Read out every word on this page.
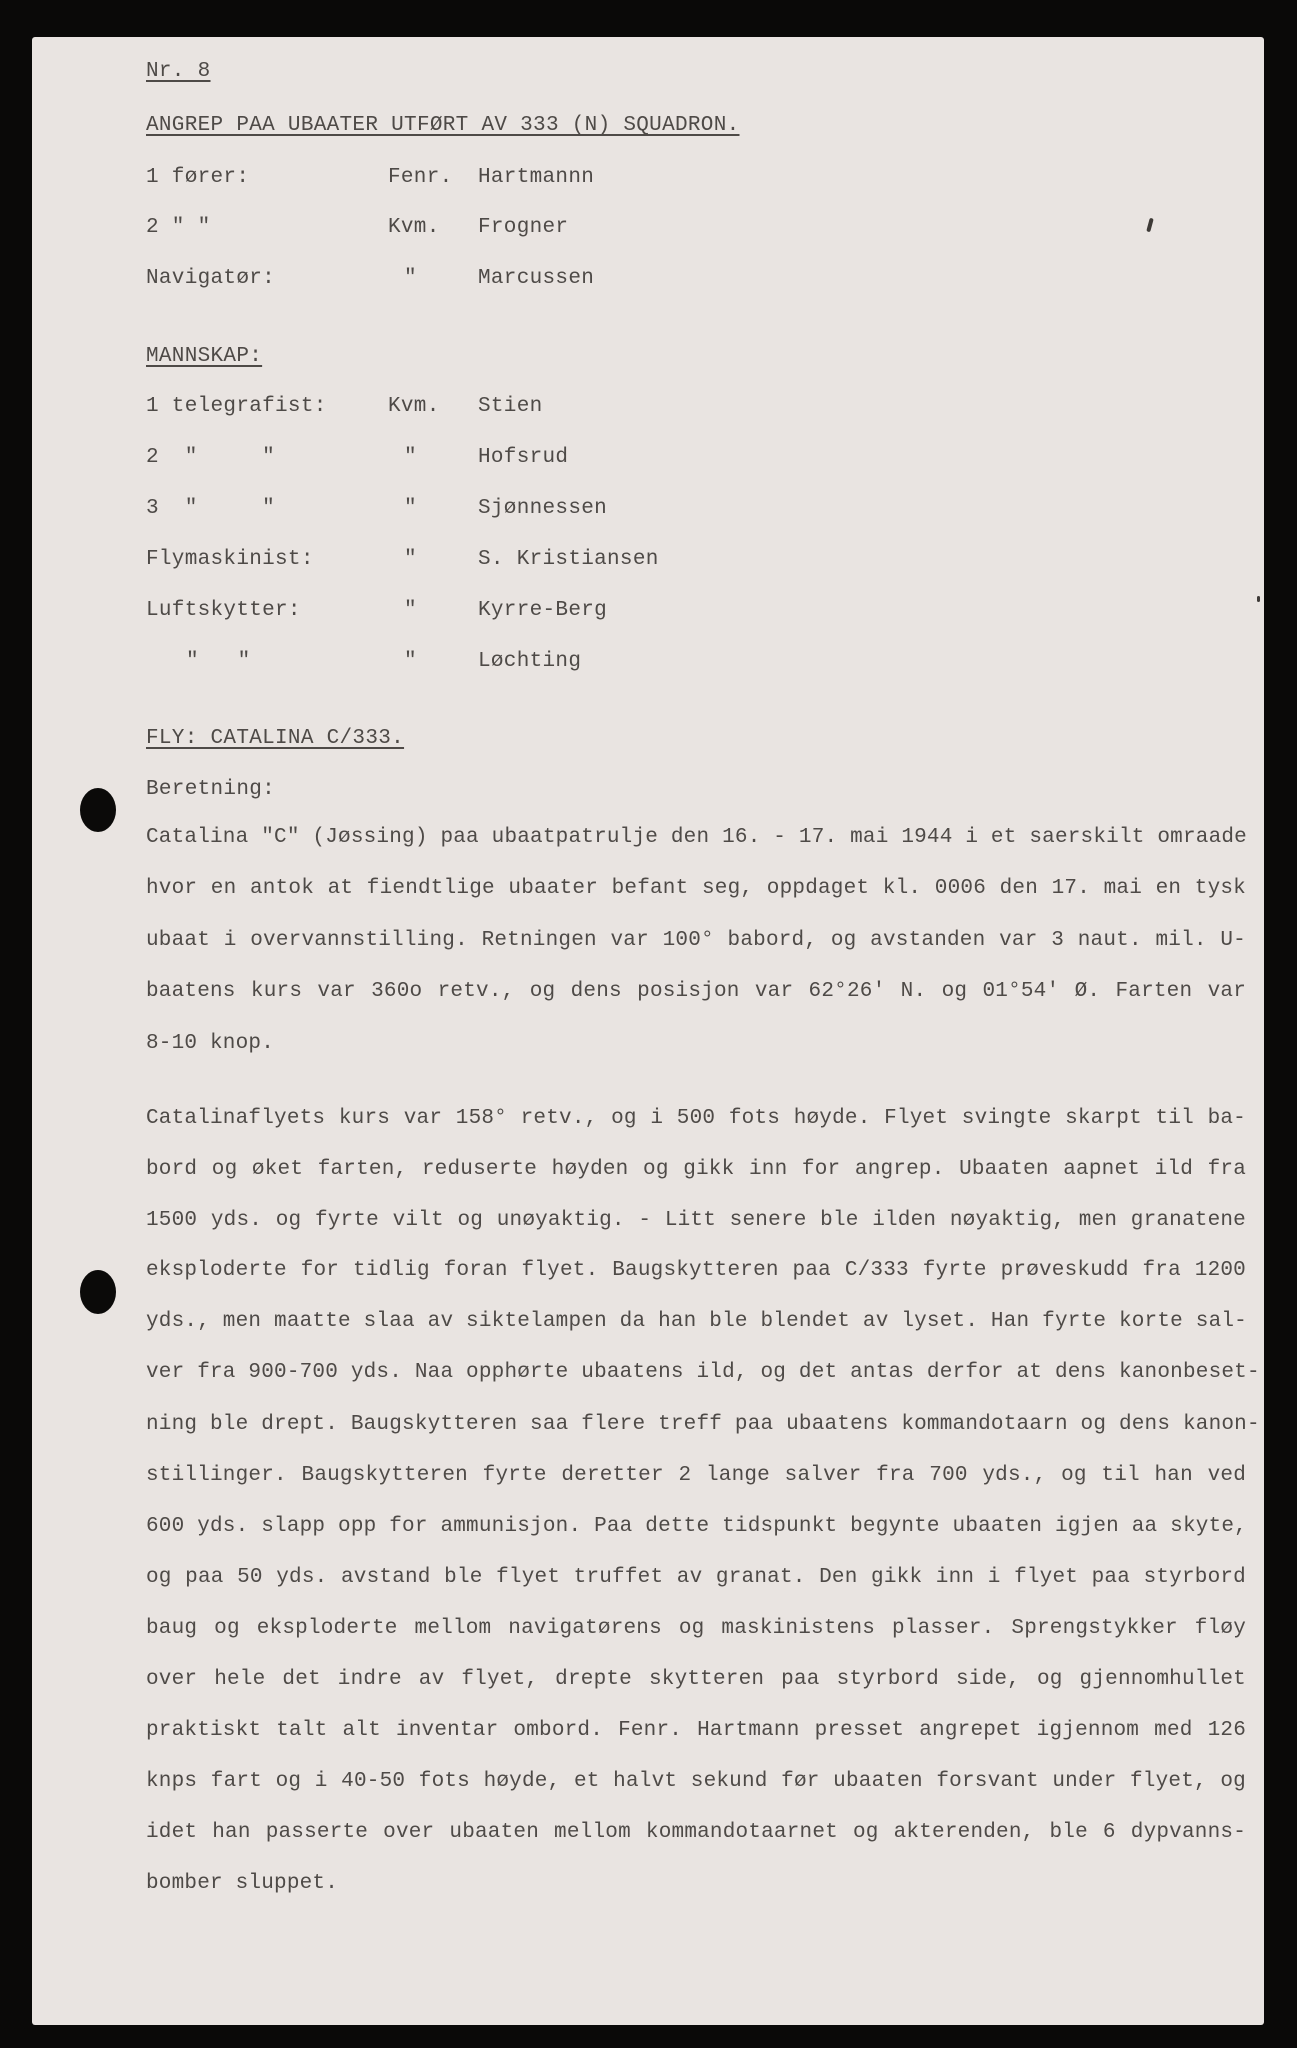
Nr. 8
ANGREP PAA UBAATER UTFØRT AV 333 (N) SQUADRON.
1 fører:	Fenr. Hartmannn
2 " "	Kvm. Frogner
Navigatør:	"	Marcussen
MANNSKAP:
1 telegrafist:	Kvm. Stien
2  "     "	"	Hofsrud
3  "     "	"	Sjønnessen
Flymaskinist:	"	S. Kristiansen
Luftskytter:	"	Kyrre-Berg
"   "	"	Løchting
FLY: CATALINA C/333.
Beretning:
Catalina "C" (Jøssing) paa ubaatpatrulje den 16. - 17. mai 1944 i et saerskilt omraade
hvor en antok at fiendtlige ubaater befant seg, oppdaget kl. 0006 den 17. mai en tysk
ubaat i overvannstilling. Retningen var 100° babord, og avstanden var 3 naut. mil. U-
baatens kurs var 360o retv., og dens posisjon var 62°26' N. og 01°54' Ø. Farten var
8-10 knop.
Catalinaflyets kurs var 158° retv., og i 500 fots høyde. Flyet svingte skarpt til ba-
bord og øket farten, reduserte høyden og gikk inn for angrep. Ubaaten aapnet ild fra
1500 yds. og fyrte vilt og unøyaktig. - Litt senere ble ilden nøyaktig, men granatene
eksploderte for tidlig foran flyet. Baugskytteren paa C/333 fyrte prøveskudd fra 1200
yds., men maatte slaa av siktelampen da han ble blendet av lyset. Han fyrte korte sal-
ver fra 900-700 yds. Naa opphørte ubaatens ild, og det antas derfor at dens kanonbeset-
ning ble drept. Baugskytteren saa flere treff paa ubaatens kommandotaarn og dens kanon-
stillinger. Baugskytteren fyrte deretter 2 lange salver fra 700 yds., og til han ved
600 yds. slapp opp for ammunisjon. Paa dette tidspunkt begynte ubaaten igjen aa skyte,
og paa 50 yds. avstand ble flyet truffet av granat. Den gikk inn i flyet paa styrbord
baug og eksploderte mellom navigatørens og maskinistens plasser. Sprengstykker fløy
over hele det indre av flyet, drepte skytteren paa styrbord side, og gjennomhullet
praktiskt talt alt inventar ombord. Fenr. Hartmann presset angrepet igjennom med 126
knps fart og i 40-50 fots høyde, et halvt sekund før ubaaten forsvant under flyet, og
idet han passerte over ubaaten mellom kommandotaarnet og akterenden, ble 6 dypvanns-
bomber sluppet.
